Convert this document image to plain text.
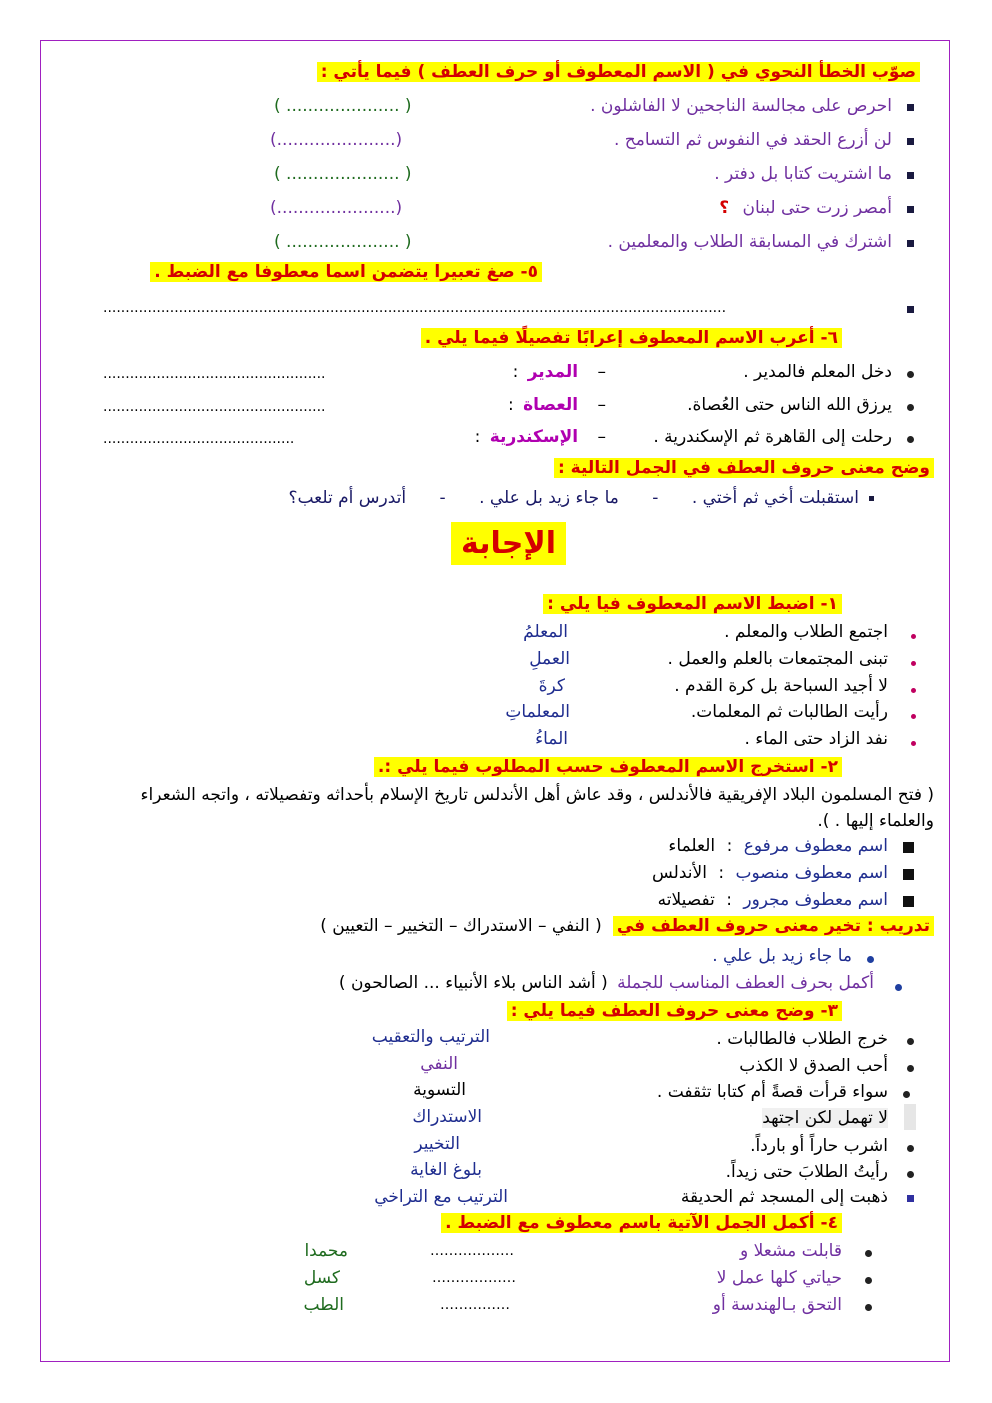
صوّب الخطأ النحوي في ( الاسم المعطوف أو حرف العطف ) فيما يأتي :
احرص على مجالسة الناجحين لا الفاشلون .
( ..................... )
لن أزرع الحقد في النفوس ثم التسامح .
(......................)
ما اشتريت كتابا بل دفتر .
( ..................... )
أمصر زرت حتى لبنان ؟
(......................)
اشترك في المسابقة الطلاب والمعلمين .
( ..................... )
٥- صغ تعبيرا يتضمن اسما معطوفا مع الضبط .
............................................................................................................................................
٦- أعرب الاسم المعطوف إعرابًا تفصيلًا فيما يلي .
دخل المعلم فالمدير .
– المدير :
..................................................
يرزق الله الناس حتى العُصاة.
– العصاة :
..................................................
رحلت إلى القاهرة ثم الإسكندرية .
– الإسكندرية :
...........................................
وضح معنى حروف العطف في الجمل التالية :
استقبلت أخي ثم أختي . - ما جاء زيد بل علي . - أتدرس أم تلعب؟
الإجابة
١- اضبط الاسم المعطوف فيا يلي :
اجتمع الطلاب والمعلم .
المعلمُ
تبنى المجتمعات بالعلم والعمل .
العملِ
لا أجيد السباحة بل كرة القدم .
كرةَ
رأيت الطالبات ثم المعلمات.
المعلماتِ
نفد الزاد حتى الماء .
الماءُ
٢- استخرج الاسم المعطوف حسب المطلوب فيما يلي :.
( فتح المسلمون البلاد الإفريقية فالأندلس ، وقد عاش أهل الأندلس تاريخ الإسلام بأحداثه وتفصيلاته ، واتجه الشعراء
والعلماء إليها . ).
اسم معطوف مرفوع : العلماء
اسم معطوف منصوب : الأندلس
اسم معطوف مجرور : تفصيلاته
تدريب : تخير معنى حروف العطف في ( النفي – الاستدراك – التخيير – التعيين )
ما جاء زيد بل علي .
أكمل بحرف العطف المناسب للجملة ( أشد الناس بلاء الأنبياء ... الصالحون )
٣- وضح معنى حروف العطف فيما يلي :
خرج الطلاب فالطالبات .
الترتيب والتعقيب
أحب الصدق لا الكذب
النفي
سواء قرأت قصةً أم كتابا تثقفت .
التسوية
لا تهمل لكن اجتهد
الاستدراك
اشرب حاراً أو بارداً.
التخيير
رأيتُ الطلابَ حتى زيداً.
بلوغ الغاية
ذهبت إلى المسجد ثم الحديقة
الترتيب مع التراخي
٤- أكمل الجمل الآتية باسم معطوف مع الضبط .
قابلت مشعلا و
………………
محمدا
حياتي كلها عمل لا
………………
كسل
التحق بـالهندسة أو
……………
الطب
